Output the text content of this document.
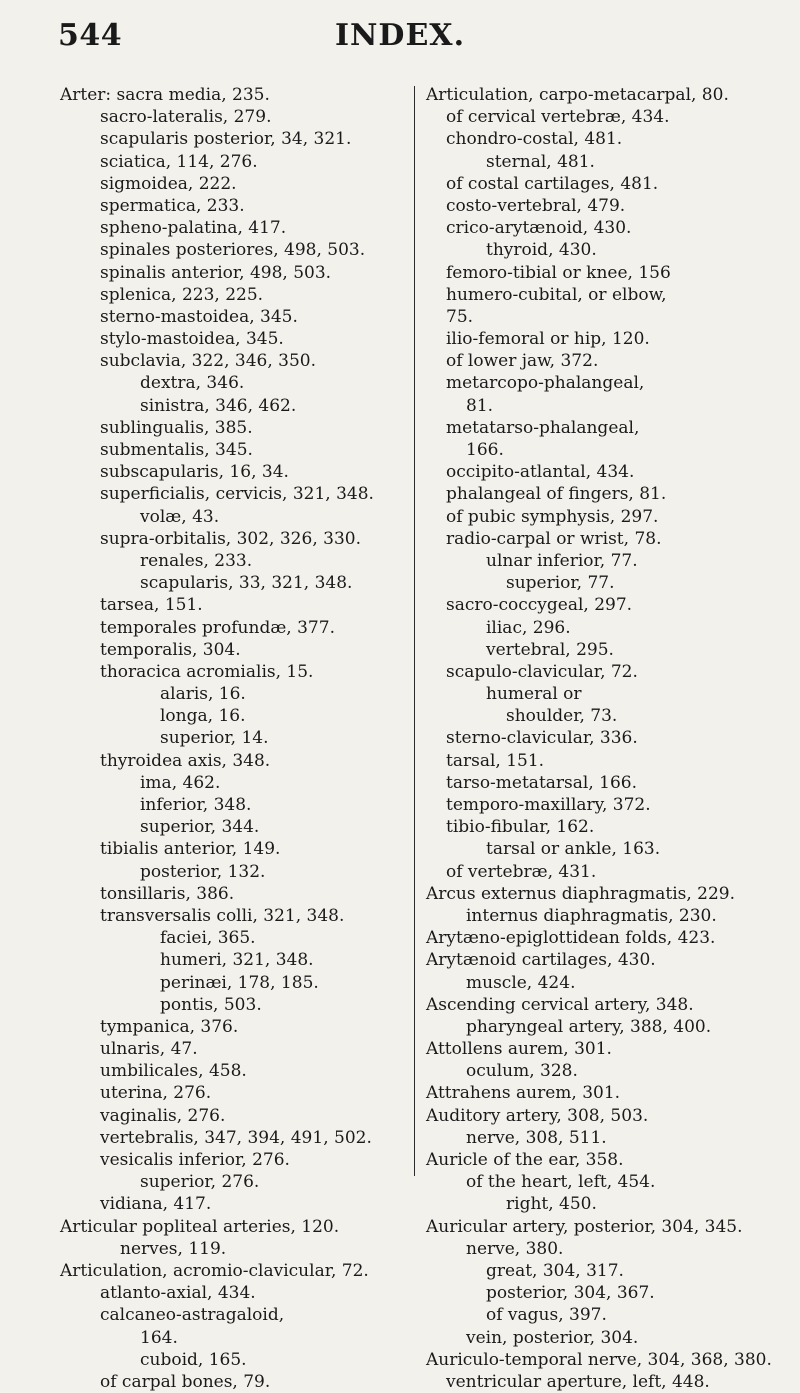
544	INDEX.
Arter: sacra media, 235.
sacro-lateralis, 279.
scapularis posterior, 34, 321.
sciatica, 114, 276.
sigmoidea, 222.
spermatica, 233.
spheno-palatina, 417.
spinales posteriores, 498, 503.
spinalis anterior, 498, 503.
splenica, 223, 225.
sterno-mastoidea, 345.
stylo-mastoidea, 345.
subclavia, 322, 346, 350.
dextra, 346.
sinistra, 346, 462.
sublingualis, 385.
submentalis, 345.
subscapularis, 16, 34.
superficialis, cervicis, 321, 348.
volæ, 43.
supra-orbitalis, 302, 326, 330.
renales, 233.
scapularis, 33, 321, 348.
tarsea, 151.
temporales profundæ, 377.
temporalis, 304.
thoracica acromialis, 15.
alaris, 16.
longa, 16.
superior, 14.
thyroidea axis, 348.
ima, 462.
inferior, 348.
superior, 344.
tibialis anterior, 149.
posterior, 132.
tonsillaris, 386.
transversalis colli, 321, 348.
faciei, 365.
humeri, 321, 348.
perinæi, 178, 185.
pontis, 503.
tympanica, 376.
ulnaris, 47.
umbilicales, 458.
uterina, 276.
vaginalis, 276.
vertebralis, 347, 394, 491, 502.
vesicalis inferior, 276.
superior, 276.
vidiana, 417.
Articular popliteal arteries, 120.
nerves, 119.
Articulation, acromio-clavicular, 72.
atlanto-axial, 434.
calcaneo-astragaloid,
164.
cuboid, 165.
of carpal bones, 79.
Articulation, carpo-metacarpal, 80.
of cervical vertebræ, 434.
chondro-costal, 481.
sternal, 481.
of costal cartilages, 481.
costo-vertebral, 479.
crico-arytænoid, 430.
thyroid, 430.
femoro-tibial or knee, 156
humero-cubital, or elbow,
75.
ilio-femoral or hip, 120.
of lower jaw, 372.
metarcopo-phalangeal,
81.
metatarso-phalangeal,
166.
occipito-atlantal, 434.
phalangeal of fingers, 81.
of pubic symphysis, 297.
radio-carpal or wrist, 78.
ulnar inferior, 77.
superior, 77.
sacro-coccygeal, 297.
iliac, 296.
vertebral, 295.
scapulo-clavicular, 72.
humeral or
shoulder, 73.
sterno-clavicular, 336.
tarsal, 151.
tarso-metatarsal, 166.
temporo-maxillary, 372.
tibio-fibular, 162.
tarsal or ankle, 163.
of vertebræ, 431.
Arcus externus diaphragmatis, 229.
internus diaphragmatis, 230.
Arytæno-epiglottidean folds, 423.
Arytænoid cartilages, 430.
muscle, 424.
Ascending cervical artery, 348.
pharyngeal artery, 388, 400.
Attollens aurem, 301.
oculum, 328.
Attrahens aurem, 301.
Auditory artery, 308, 503.
nerve, 308, 511.
Auricle of the ear, 358.
of the heart, left, 454.
right, 450.
Auricular artery, posterior, 304, 345.
nerve, 380.
great, 304, 317.
posterior, 304, 367.
of vagus, 397.
vein, posterior, 304.
Auriculo-temporal nerve, 304, 368, 380.
ventricular aperture, left, 448.
